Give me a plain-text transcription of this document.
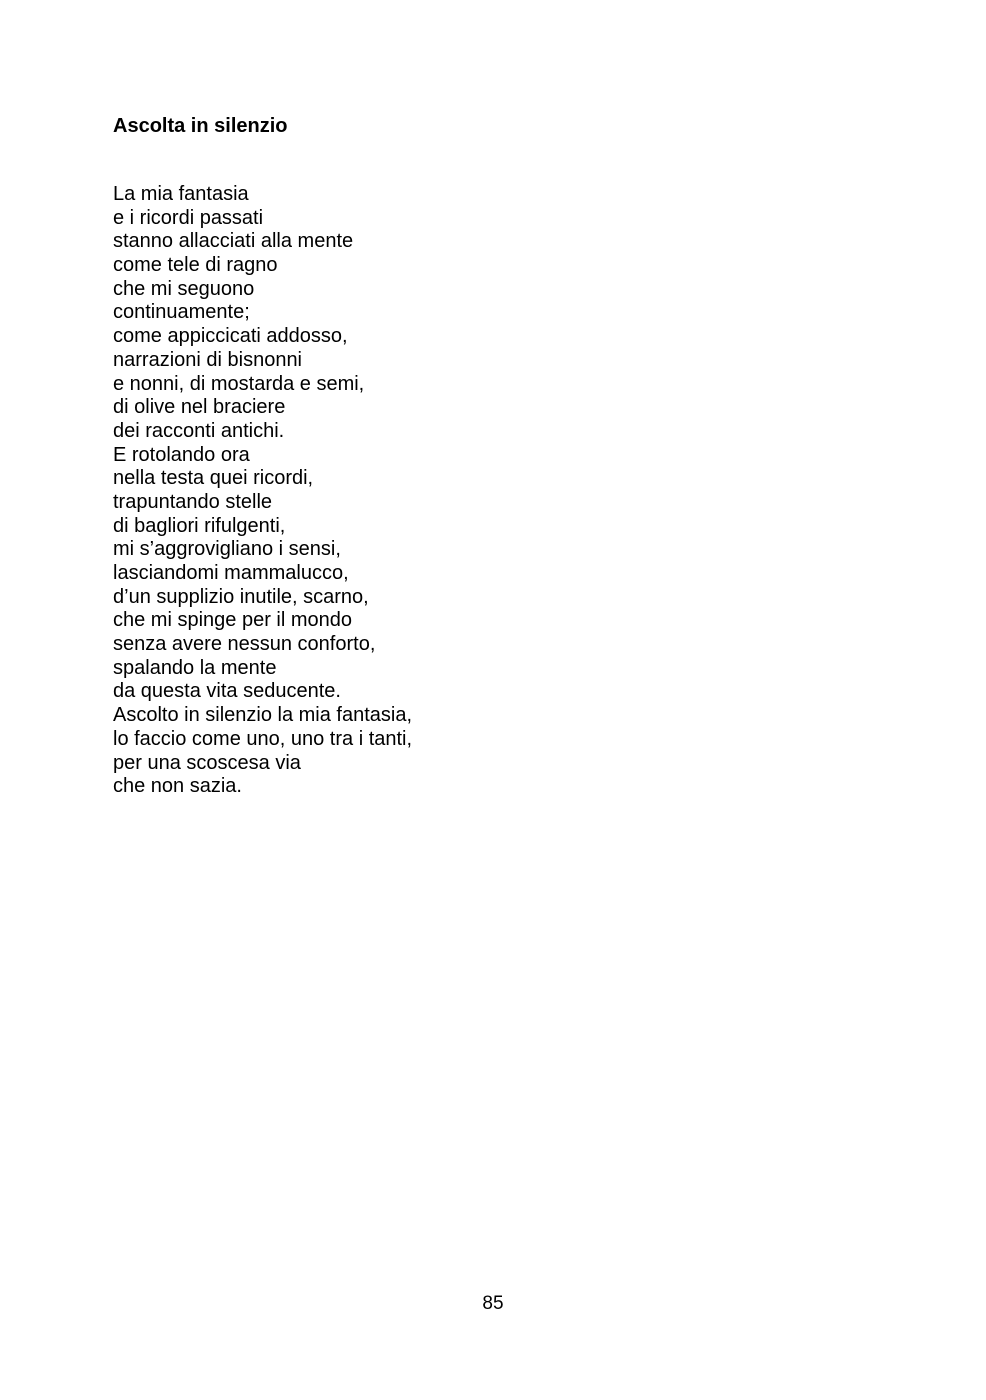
Ascolta in silenzio
La mia fantasia
e i ricordi passati
stanno allacciati alla mente
come tele di ragno
che mi seguono
continuamente;
come appiccicati addosso,
narrazioni di bisnonni
e nonni, di mostarda e semi,
di olive nel braciere
dei racconti antichi.
E rotolando ora
nella testa quei ricordi,
trapuntando stelle
di bagliori rifulgenti,
mi s’aggrovigliano i sensi,
lasciandomi mammalucco,
d’un supplizio inutile, scarno,
che mi spinge per il mondo
senza avere nessun conforto,
spalando la mente
da questa vita seducente.
Ascolto in silenzio la mia fantasia,
lo faccio come uno, uno tra i tanti,
per una scoscesa via
che non sazia.
85
